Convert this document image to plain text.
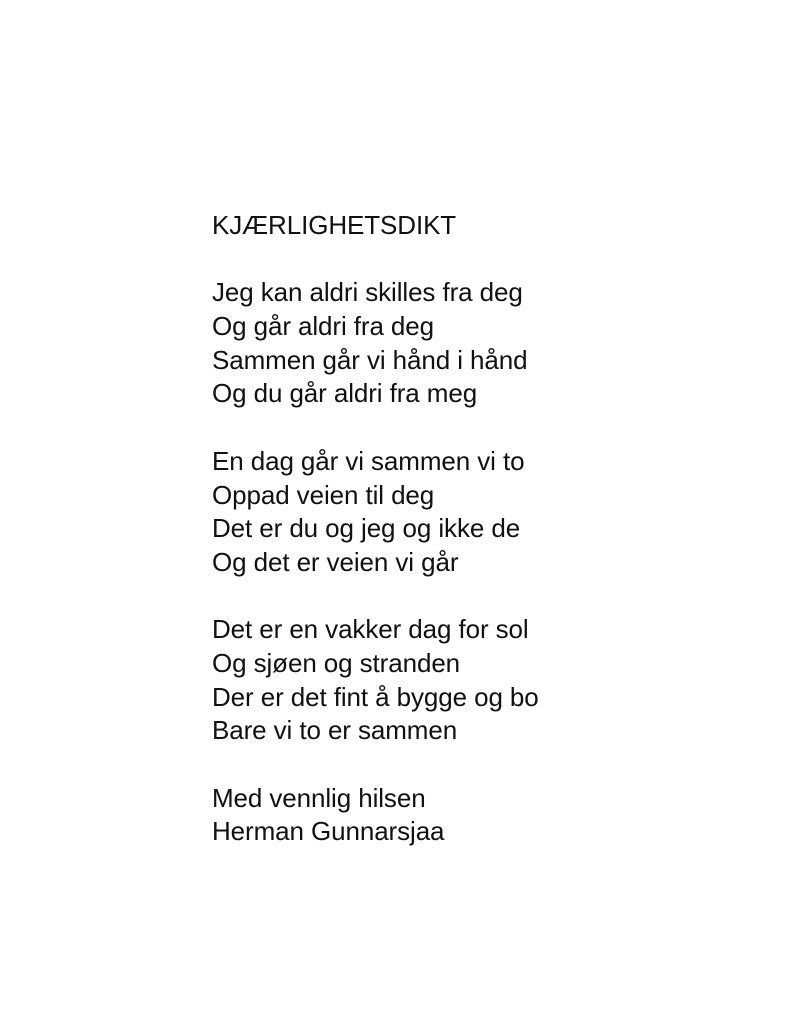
KJÆRLIGHETSDIKT
Jeg kan aldri skilles fra deg
Og går aldri fra deg
Sammen går vi hånd i hånd
Og du går aldri fra meg
En dag går vi sammen vi to
Oppad veien til deg
Det er du og jeg og ikke de
Og det er veien vi går
Det er en vakker dag for sol
Og sjøen og stranden
Der er det fint å bygge og bo
Bare vi to er sammen
Med vennlig hilsen
Herman Gunnarsjaa
